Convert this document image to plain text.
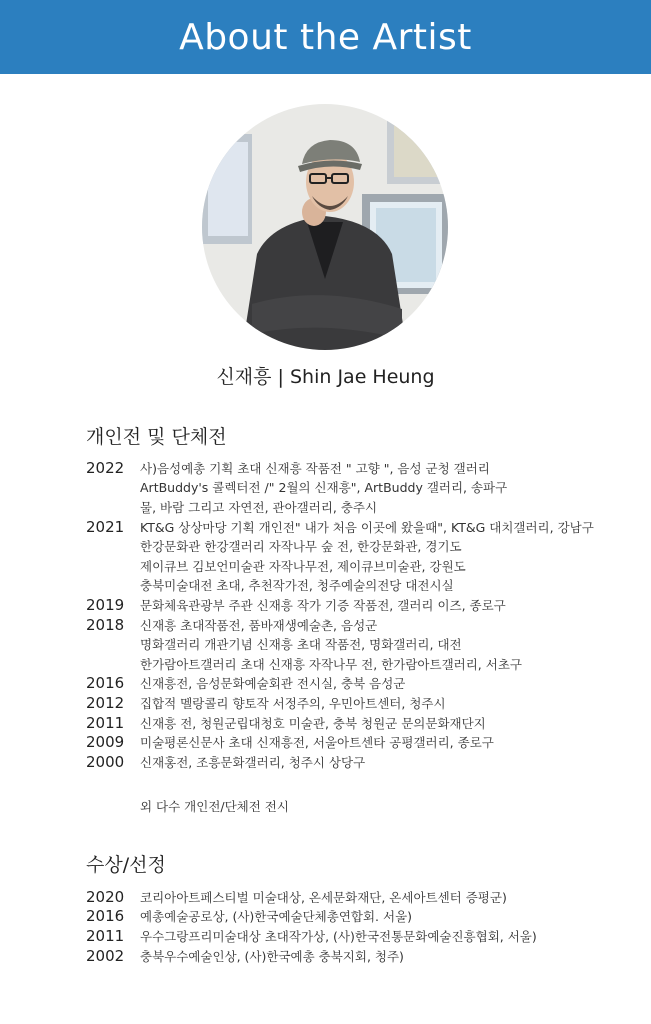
About the Artist
신재흥 | Shin Jae Heung
개인전 및 단체전
2022	사)음성예총 기획 초대 신재흥 작품전 " 고향 ", 음성 군청 갤러리
ArtBuddy's 콜렉터전 /" 2월의 신재흥", ArtBuddy 갤러리, 송파구
물, 바람 그리고 자연전, 관아갤러리, 충주시
2021	KT&G 상상마당 기획 개인전" 내가 처음 이곳에 왔을때", KT&G 대치갤러리, 강남구
한강문화관 한강갤러리 자작나무 숲 전, 한강문화관, 경기도
제이큐브 김보언미술관 자작나무전, 제이큐브미술관, 강원도
충북미술대전 초대, 추천작가전, 청주예술의전당 대전시실
2019	문화체육관광부 주관 신재흥 작가 기증 작품전, 갤러리 이즈, 종로구
2018	신재흥 초대작품전, 품바재생예술촌, 음성군
명화갤러리 개관기념 신재흥 초대 작품전, 명화갤러리, 대전
한가람아트갤러리 초대 신재흥 자작나무 전, 한가람아트갤러리, 서초구
2016	신재흥전, 음성문화예술회관 전시실, 충북 음성군
2012	집합적 멜랑콜리 향토작 서정주의, 우민아트센터, 청주시
2011	신재흥 전, 청원군립대청호 미술관, 충북 청원군 문의문화재단지
2009	미술평론신문사 초대 신재흥전, 서울아트센타 공평갤러리, 종로구
2000	신재홍전, 조흥문화갤러리, 청주시 상당구
외 다수 개인전/단체전 전시
수상/선정
2020	코리아아트페스티벌 미술대상, 온세문화재단, 온세아트센터 증평군)
2016	예총예술공로상, (사)한국예술단체총연합회. 서울)
2011	우수그랑프리미술대상 초대작가상, (사)한국전통문화예술진흥협회, 서울)
2002	충북우수예술인상, (사)한국예총 충북지회, 청주)
